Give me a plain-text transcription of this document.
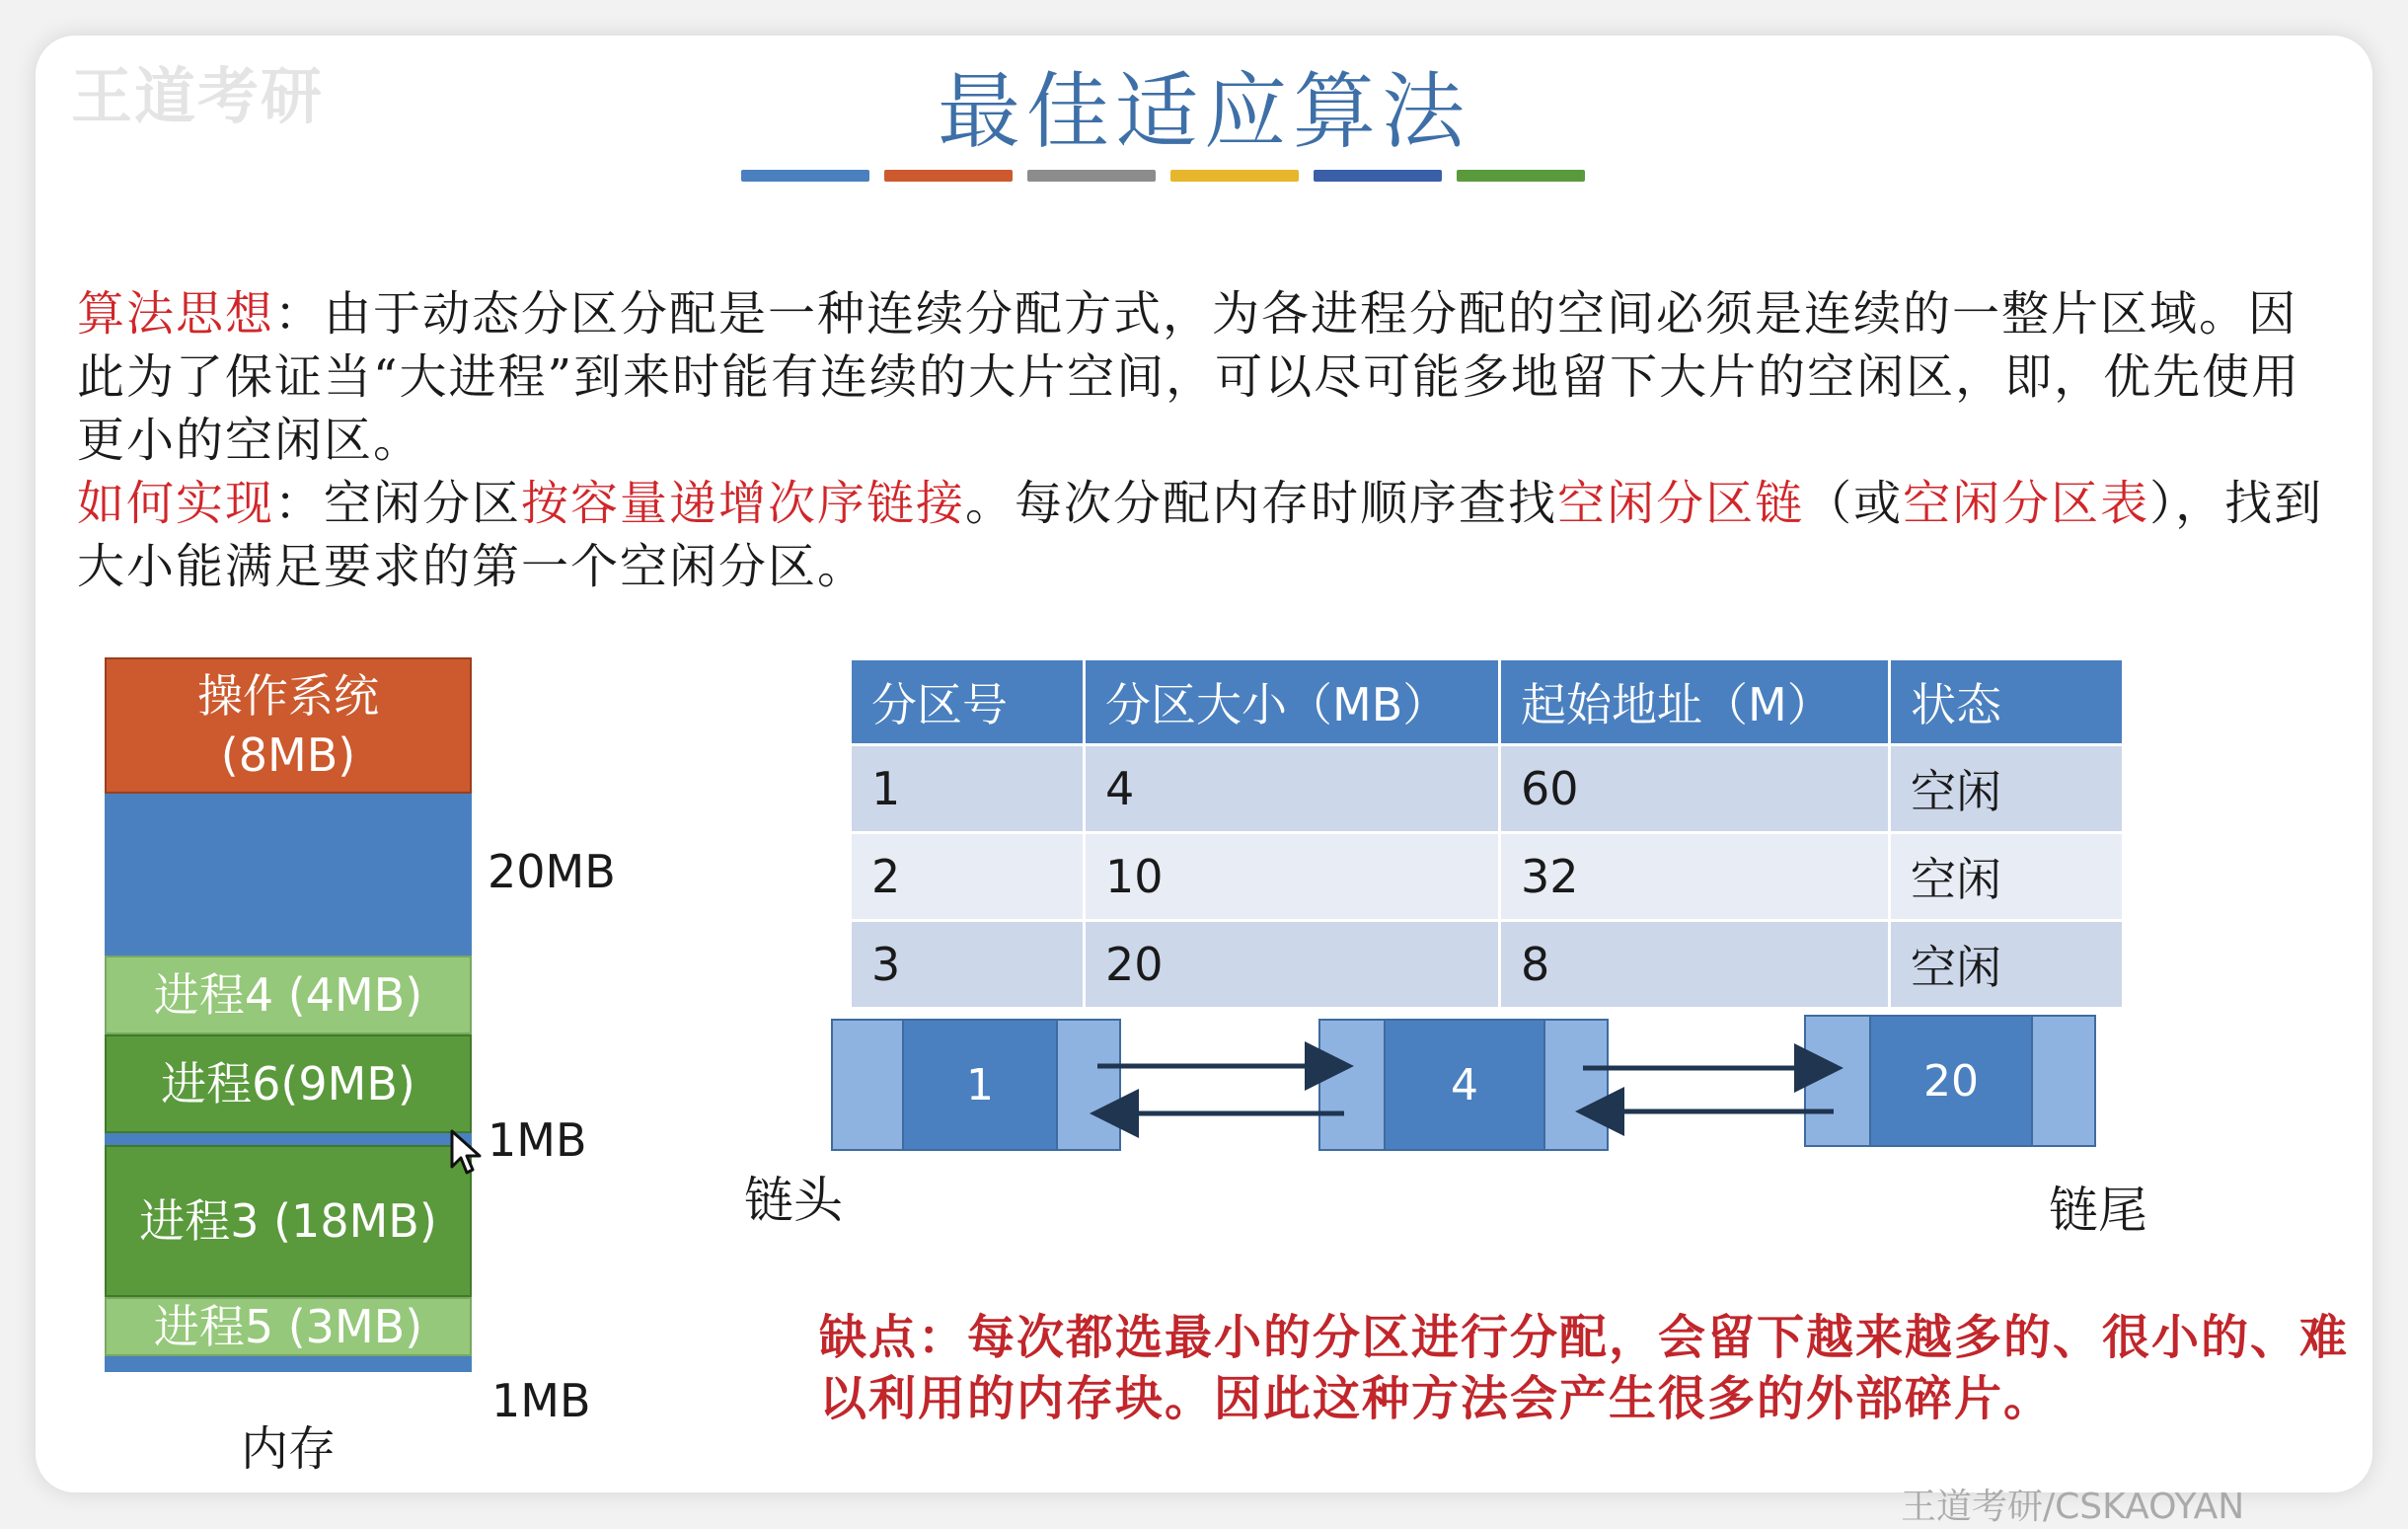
王道考研	最佳适应算法
算法思想：由于动态分区分配是一种连续分配方式，为各进程分配的空间必须是连续的一整片区域。因此为了保证当“大进程”到来时能有连续的大片空间，可以尽可能多地留下大片的空闲区，即，优先使用更小的空闲区。
如何实现：空闲分区按容量递增次序链接。每次分配内存时顺序查找空闲分区链（或空闲分区表），找到大小能满足要求的第一个空闲分区。
操作系统
(8MB)
进程4 (4MB)
进程6(9MB)
进程3 (18MB)
进程5 (3MB)
20MB
1MB
1MB
内存
分区号	分区大小（MB）	起始地址（M）	状态
1	4	60	空闲
2	10	32	空闲
3	20	8	空闲
1	4	20
链头	链尾
缺点：每次都选最小的分区进行分配，会留下越来越多的、很小的、难以利用的内存块。因此这种方法会产生很多的外部碎片。
王道考研/CSKAOYAN
